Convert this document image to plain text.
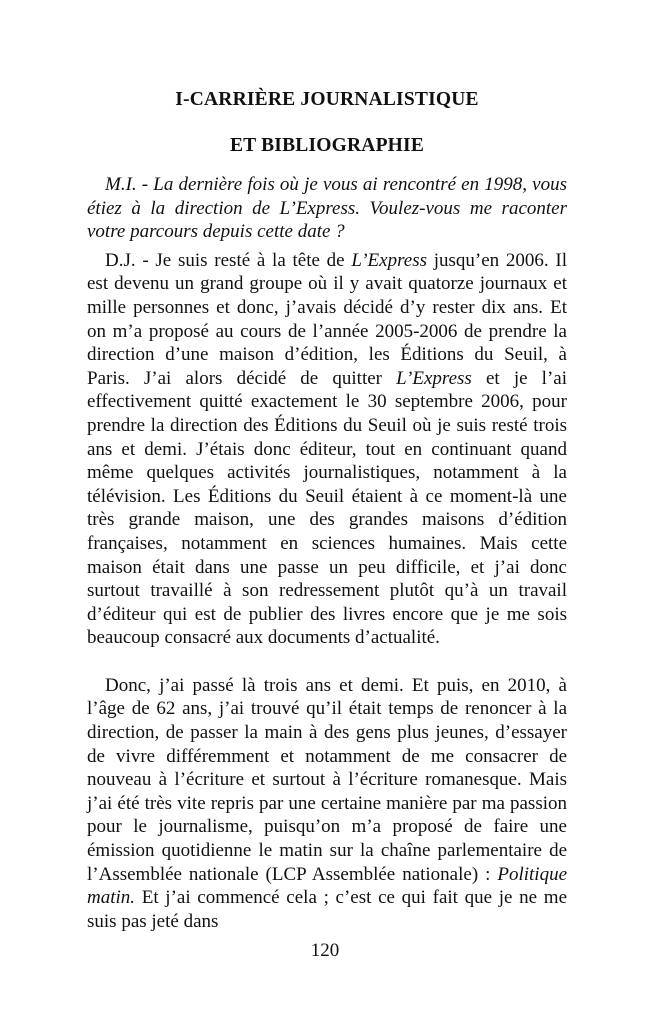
I-CARRIÈRE JOURNALISTIQUE
ET BIBLIOGRAPHIE

M.I. - La dernière fois où je vous ai rencontré en 1998, vous étiez à la direction de L’Express. Voulez-vous me raconter votre parcours depuis cette date ?

D.J. - Je suis resté à la tête de L’Express jusqu’en 2006. Il est devenu un grand groupe où il y avait quatorze journaux et mille personnes et donc, j’avais décidé d’y rester dix ans. Et on m’a proposé au cours de l’année 2005-2006 de prendre la direction d’une maison d’édition, les Éditions du Seuil, à Paris. J’ai alors décidé de quitter L’Express et je l’ai effectivement quitté exactement le 30 septembre 2006, pour prendre la direction des Éditions du Seuil où je suis resté trois ans et demi. J’étais donc éditeur, tout en continuant quand même quelques activités journalistiques, notamment à la télévision. Les Éditions du Seuil étaient à ce moment-là une très grande maison, une des grandes maisons d’édition françaises, notamment en sciences humaines. Mais cette maison était dans une passe un peu difficile, et j’ai donc surtout travaillé à son redressement plutôt qu’à un travail d’éditeur qui est de publier des livres encore que je me sois beaucoup consacré aux documents d’actualité.

Donc, j’ai passé là trois ans et demi. Et puis, en 2010, à l’âge de 62 ans, j’ai trouvé qu’il était temps de renoncer à la direction, de passer la main à des gens plus jeunes, d’essayer de vivre différemment et notamment de me consacrer de nouveau à l’écriture et surtout à l’écriture romanesque. Mais j’ai été très vite repris par une certaine manière par ma passion pour le journalisme, puisqu’on m’a proposé de faire une émission quotidienne le matin sur la chaîne parlementaire de l’Assemblée nationale (LCP Assemblée nationale) : Politique matin. Et j’ai commencé cela ; c’est ce qui fait que je ne me suis pas jeté dans

120
